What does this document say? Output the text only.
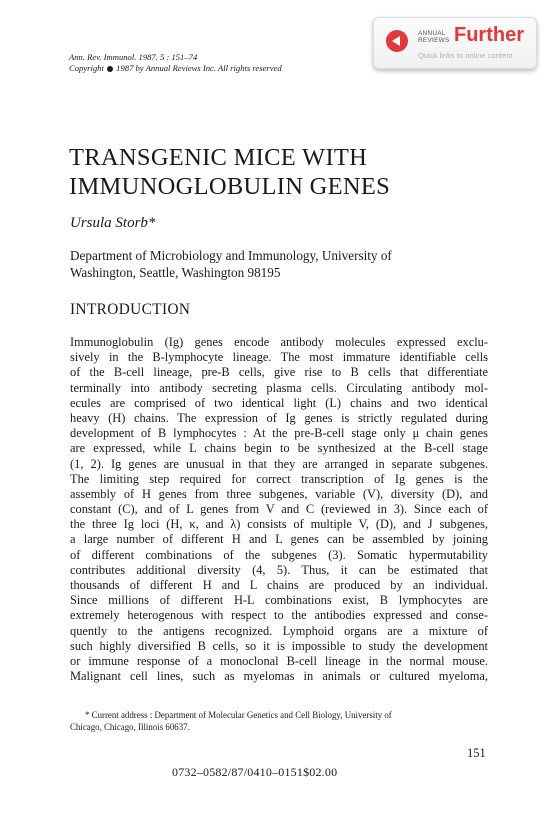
Ann. Rev. Immunol. 1987. 5 : 151–74
Copyright 1987 by Annual Reviews Inc. All rights reserved
ANNUAL
REVIEWS Further
Quick links to online content
TRANSGENIC MICE WITH
IMMUNOGLOBULIN GENES
Ursula Storb*
Department of Microbiology and Immunology, University of
Washington, Seattle, Washington 98195
INTRODUCTION
Immunoglobulin (Ig) genes encode antibody molecules expressed exclu-
sively in the B-lymphocyte lineage. The most immature identifiable cells
of the B-cell lineage, pre-B cells, give rise to B cells that differentiate
terminally into antibody secreting plasma cells. Circulating antibody mol-
ecules are comprised of two identical light (L) chains and two identical
heavy (H) chains. The expression of Ig genes is strictly regulated during
development of B lymphocytes : At the pre-B-cell stage only μ chain genes
are expressed, while L chains begin to be synthesized at the B-cell stage
(1, 2). Ig genes are unusual in that they are arranged in separate subgenes.
The limiting step required for correct transcription of Ig genes is the
assembly of H genes from three subgenes, variable (V), diversity (D), and
constant (C), and of L genes from V and C (reviewed in 3). Since each of
the three Ig loci (H, κ, and λ) consists of multiple V, (D), and J subgenes,
a large number of different H and L genes can be assembled by joining
of different combinations of the subgenes (3). Somatic hypermutability
contributes additional diversity (4, 5). Thus, it can be estimated that
thousands of different H and L chains are produced by an individual.
Since millions of different H-L combinations exist, B lymphocytes are
extremely heterogenous with respect to the antibodies expressed and conse-
quently to the antigens recognized. Lymphoid organs are a mixture of
such highly diversified B cells, so it is impossible to study the development
or immune response of a monoclonal B-cell lineage in the normal mouse.
Malignant cell lines, such as myelomas in animals or cultured myeloma,
* Current address : Department of Molecular Genetics and Cell Biology, University of
Chicago, Chicago, Illinois 60637.
151
0732–0582/87/0410–0151$02.00
